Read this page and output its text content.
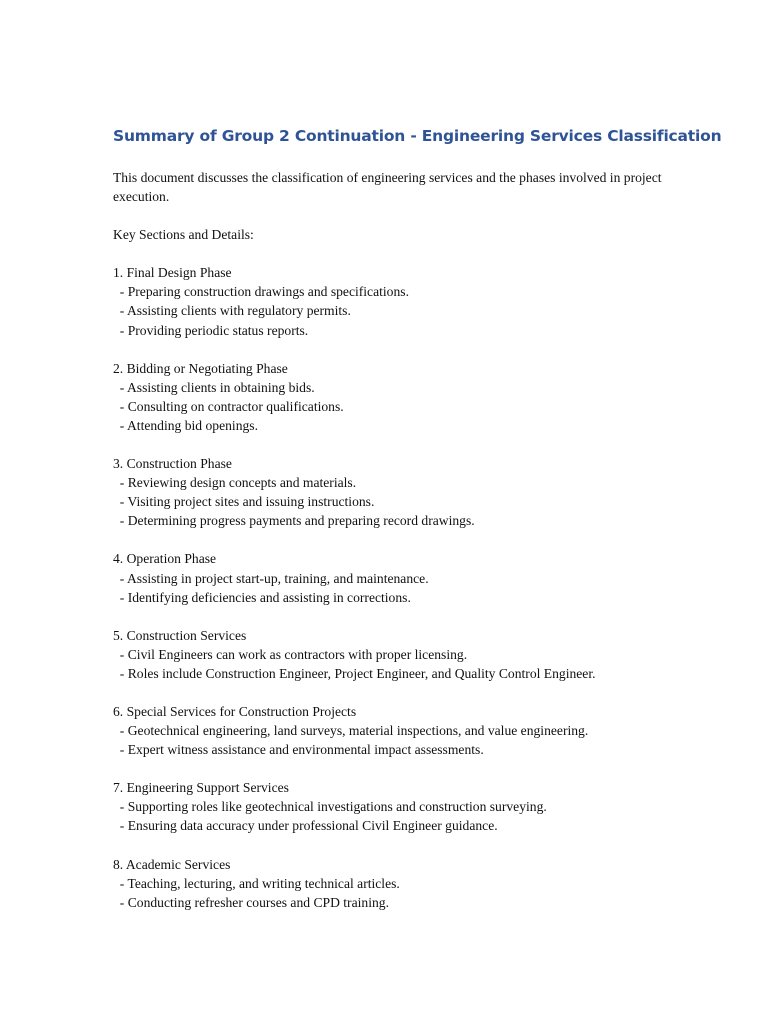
Summary of Group 2 Continuation - Engineering Services Classification

This document discusses the classification of engineering services and the phases involved in project execution.

Key Sections and Details:

1. Final Design Phase
- Preparing construction drawings and specifications.
- Assisting clients with regulatory permits.
- Providing periodic status reports.
2. Bidding or Negotiating Phase
- Assisting clients in obtaining bids.
- Consulting on contractor qualifications.
- Attending bid openings.
3. Construction Phase
- Reviewing design concepts and materials.
- Visiting project sites and issuing instructions.
- Determining progress payments and preparing record drawings.
4. Operation Phase
- Assisting in project start-up, training, and maintenance.
- Identifying deficiencies and assisting in corrections.
5. Construction Services
- Civil Engineers can work as contractors with proper licensing.
- Roles include Construction Engineer, Project Engineer, and Quality Control Engineer.
6. Special Services for Construction Projects
- Geotechnical engineering, land surveys, material inspections, and value engineering.
- Expert witness assistance and environmental impact assessments.
7. Engineering Support Services
- Supporting roles like geotechnical investigations and construction surveying.
- Ensuring data accuracy under professional Civil Engineer guidance.
8. Academic Services
- Teaching, lecturing, and writing technical articles.
- Conducting refresher courses and CPD training.
